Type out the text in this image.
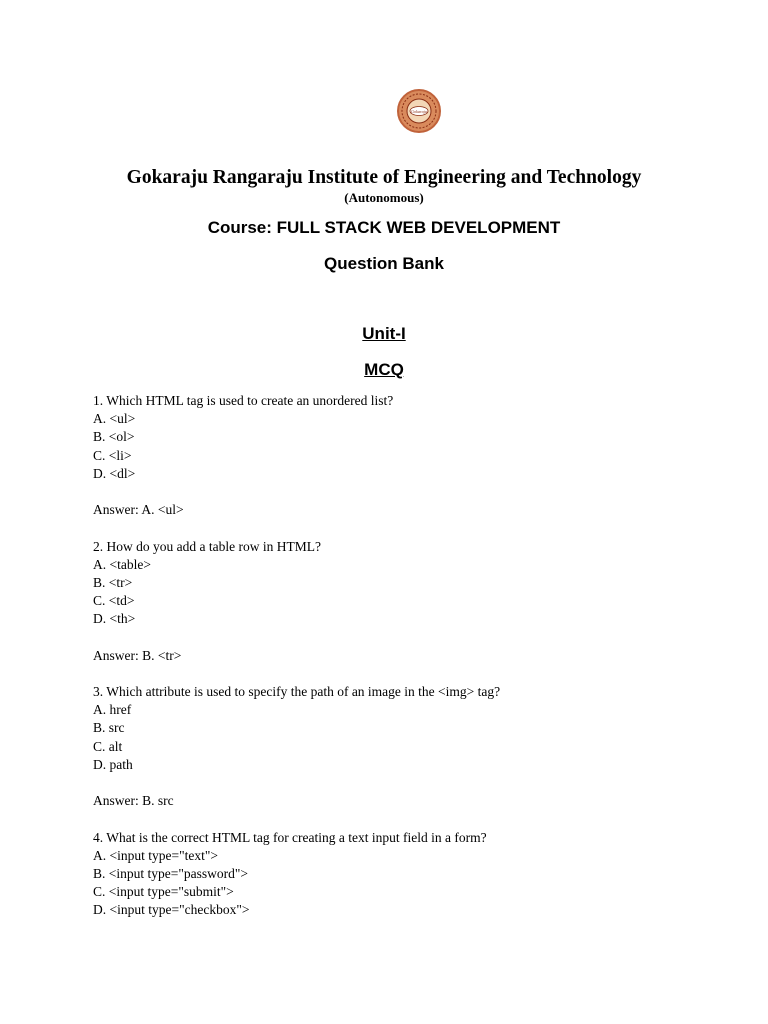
Gokaraju
Gokaraju Rangaraju Institute of Engineering and Technology
(Autonomous)
Course: FULL STACK WEB DEVELOPMENT
Question Bank
Unit-I
MCQ
1. Which HTML tag is used to create an unordered list?
A. <ul>
B. <ol>
C. <li>
D. <dl>
Answer: A. <ul>
2. How do you add a table row in HTML?
A. <table>
B. <tr>
C. <td>
D. <th>
Answer: B. <tr>
3. Which attribute is used to specify the path of an image in the <img> tag?
A. href
B. src
C. alt
D. path
Answer: B. src
4. What is the correct HTML tag for creating a text input field in a form?
A. <input type="text">
B. <input type="password">
C. <input type="submit">
D. <input type="checkbox">
